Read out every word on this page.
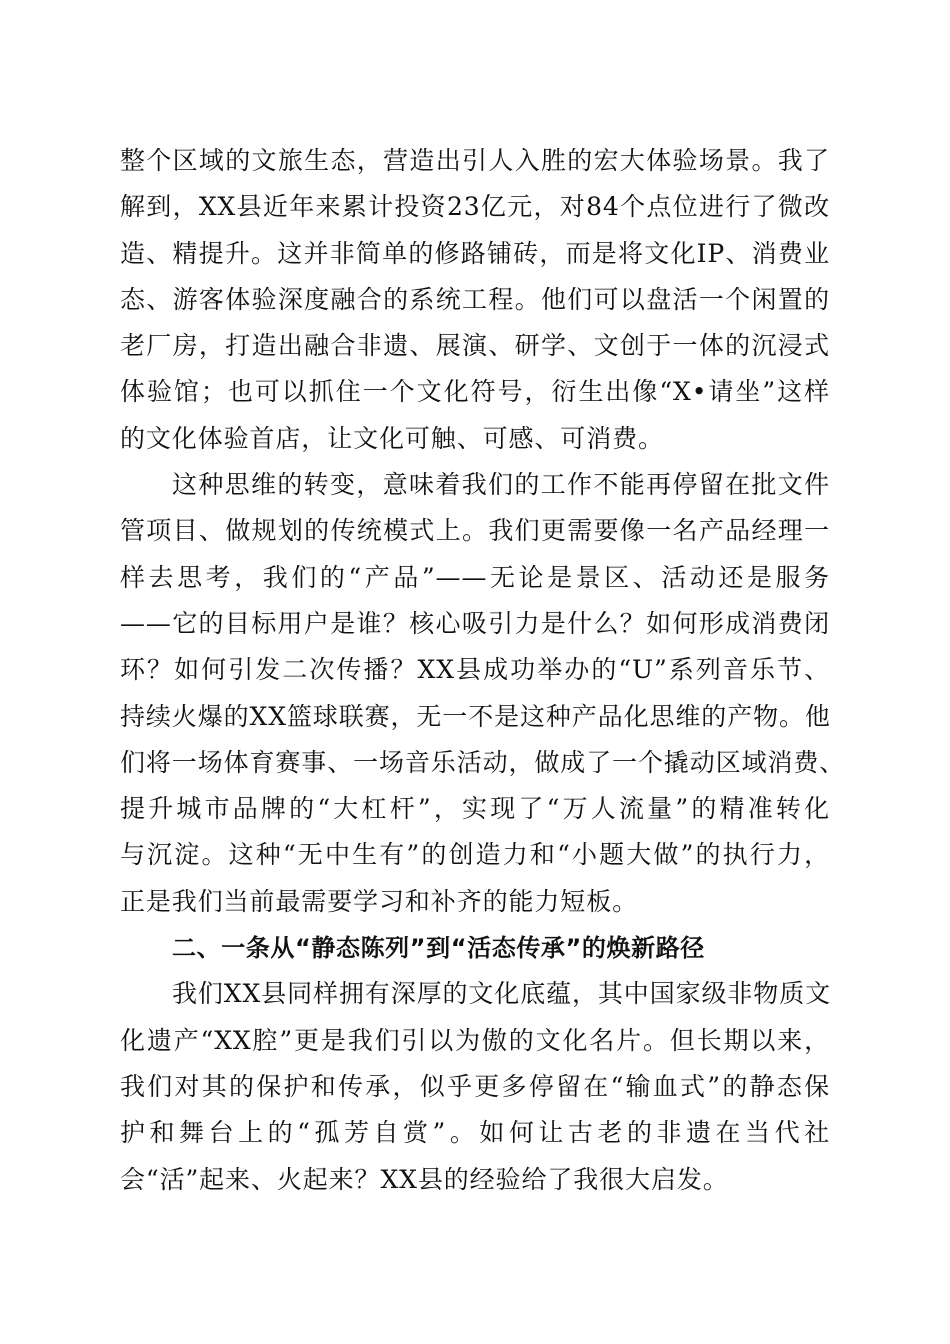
整个区域的文旅生态，营造出引人入胜的宏大体验场景。我了
解到，XX县近年来累计投资23亿元，对84个点位进行了微改
造、精提升。这并非简单的修路铺砖，而是将文化IP、消费业
态、游客体验深度融合的系统工程。他们可以盘活一个闲置的
老厂房，打造出融合非遗、展演、研学、文创于一体的沉浸式
体验馆；也可以抓住一个文化符号，衍生出像“X•请坐”这样
的文化体验首店，让文化可触、可感、可消费。

这种思维的转变，意味着我们的工作不能再停留在批文件
管项目、做规划的传统模式上。我们更需要像一名产品经理一
样去思考，我们的“产品”——无论是景区、活动还是服务
——它的目标用户是谁？核心吸引力是什么？如何形成消费闭
环？如何引发二次传播？XX县成功举办的“U”系列音乐节、
持续火爆的XX篮球联赛，无一不是这种产品化思维的产物。他
们将一场体育赛事、一场音乐活动，做成了一个撬动区域消费、
提升城市品牌的“大杠杆”，实现了“万人流量”的精准转化
与沉淀。这种“无中生有”的创造力和“小题大做”的执行力，
正是我们当前最需要学习和补齐的能力短板。

二、一条从“静态陈列”到“活态传承”的焕新路径

我们XX县同样拥有深厚的文化底蕴，其中国家级非物质文
化遗产“XX腔”更是我们引以为傲的文化名片。但长期以来，
我们对其的保护和传承，似乎更多停留在“输血式”的静态保
护和舞台上的“孤芳自赏”。如何让古老的非遗在当代社
会“活”起来、火起来？XX县的经验给了我很大启发。
